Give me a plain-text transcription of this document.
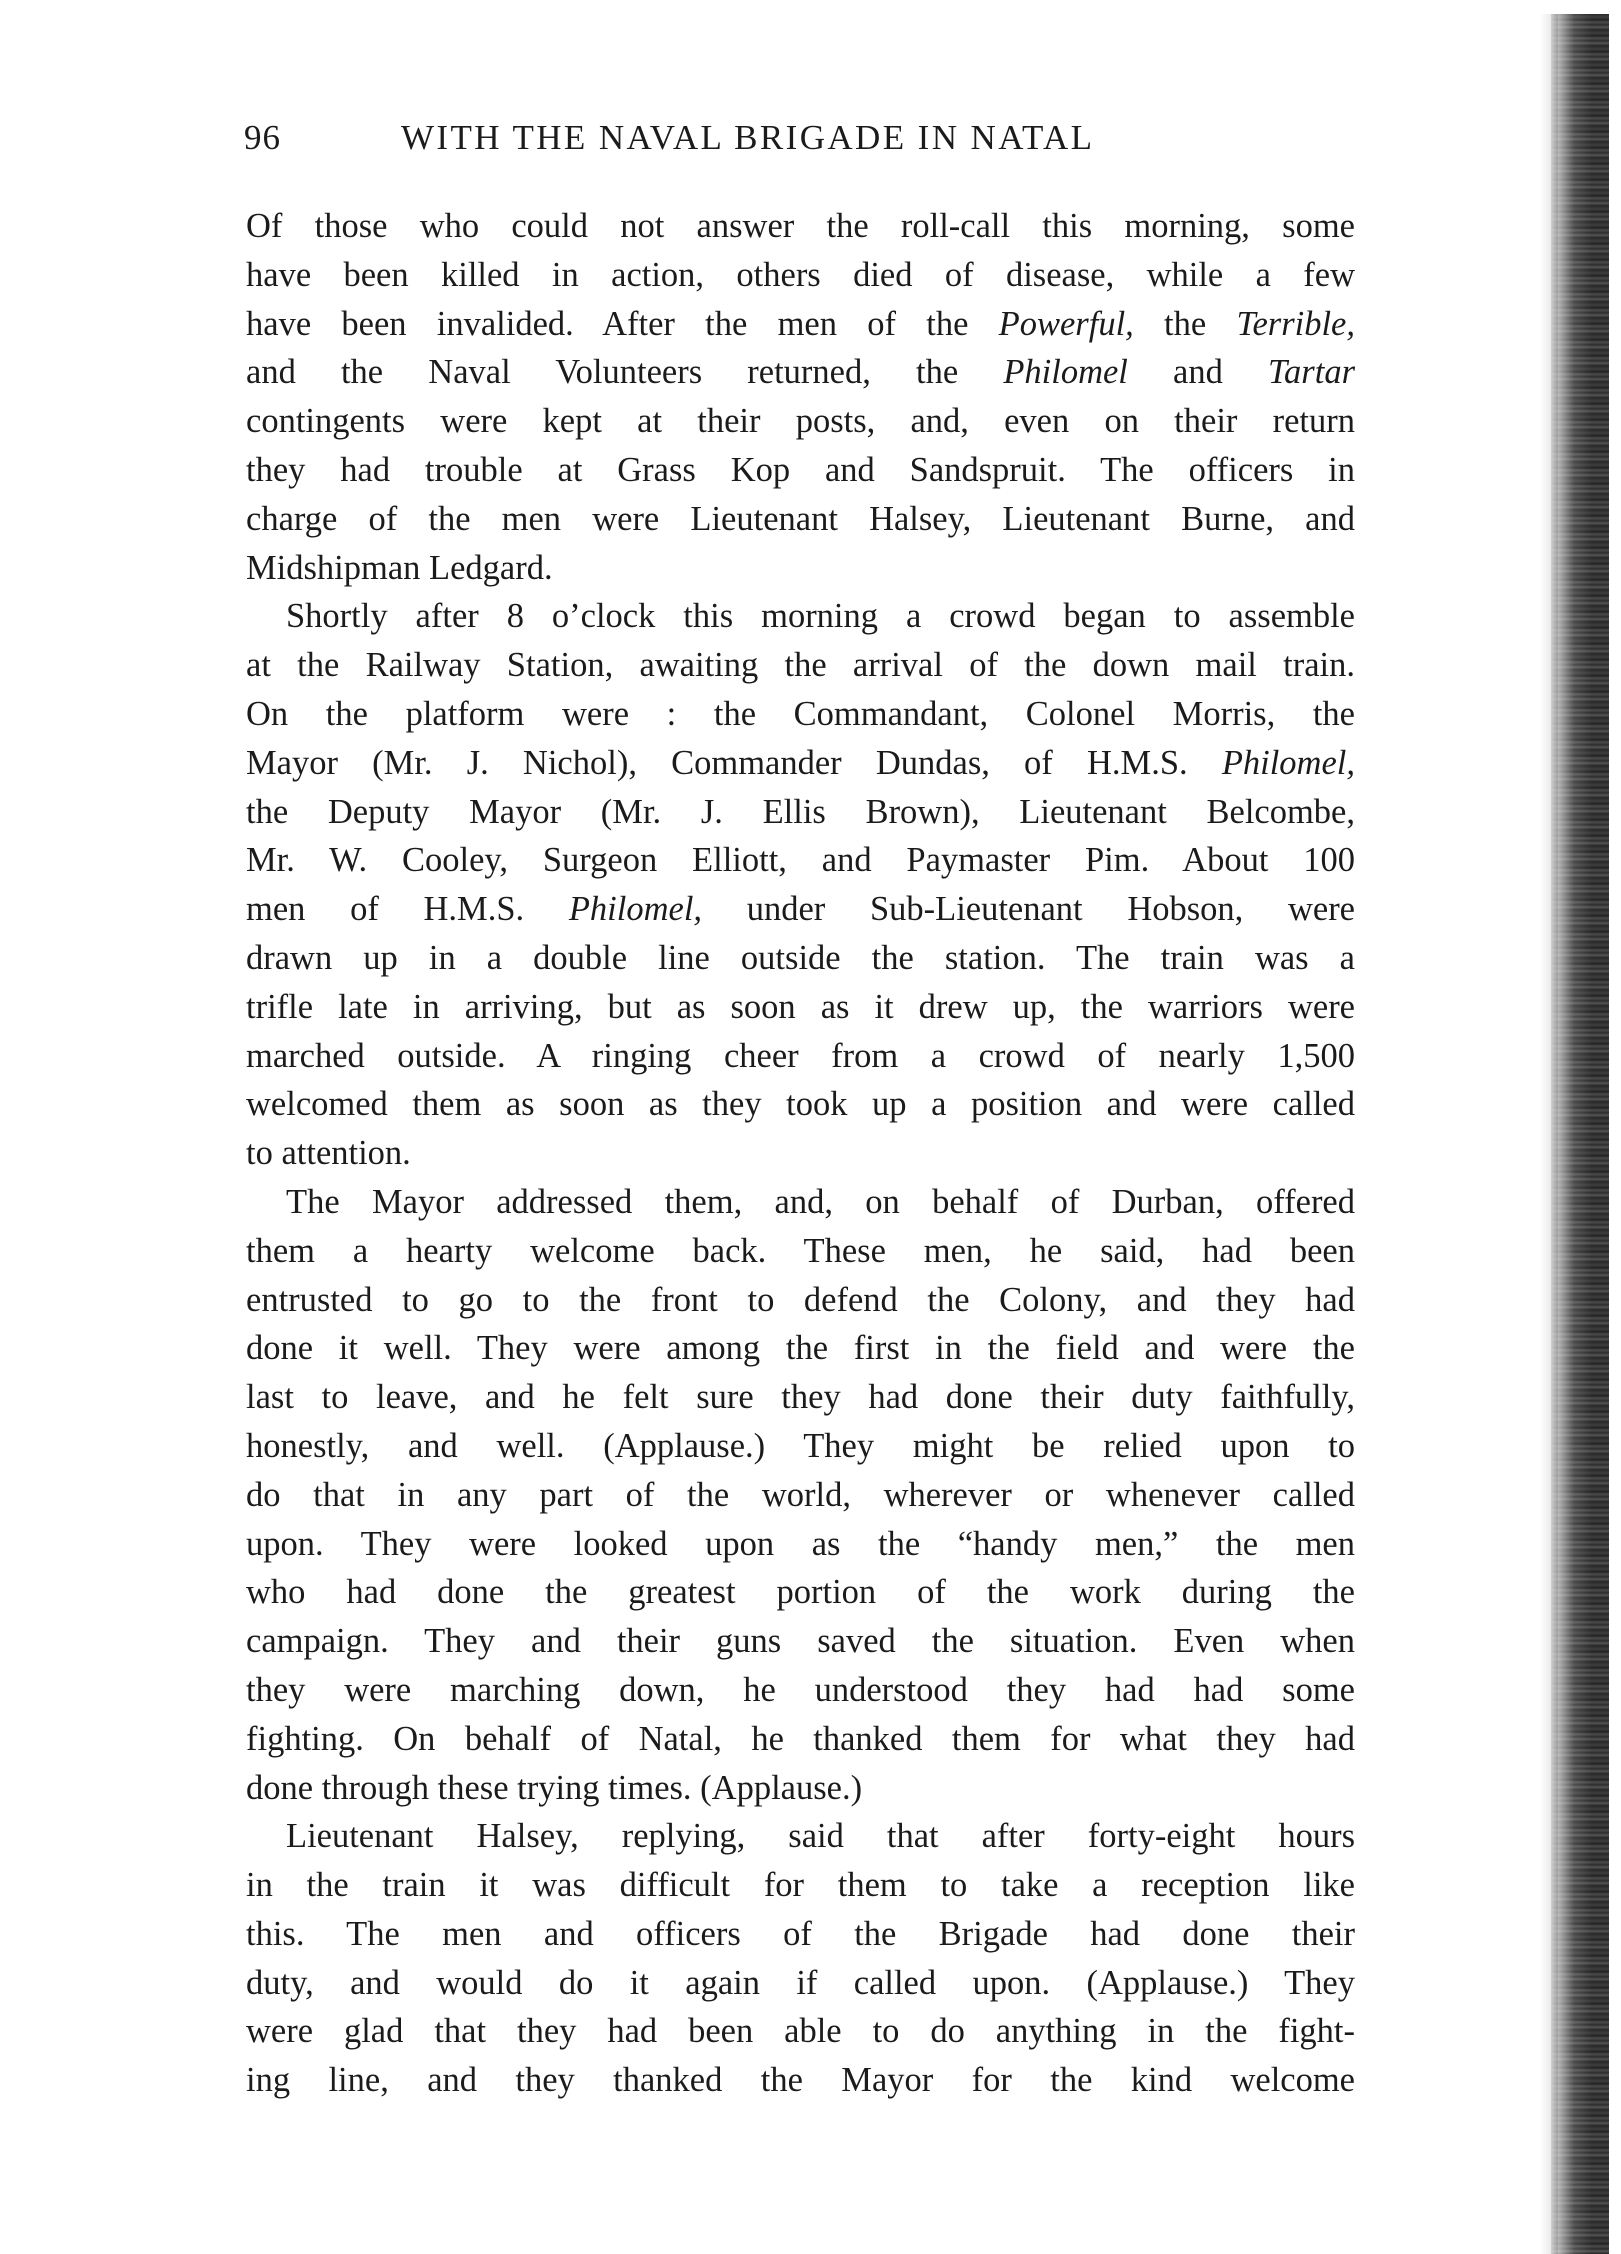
96	WITH THE NAVAL BRIGADE IN NATAL
Of those who could not answer the roll-call this morning, some
have been killed in action, others died of disease, while a few
have been invalided. After the men of the Powerful, the Terrible,
and the Naval Volunteers returned, the Philomel and Tartar
contingents were kept at their posts, and, even on their return
they had trouble at Grass Kop and Sandspruit. The officers in
charge of the men were Lieutenant Halsey, Lieutenant Burne, and
Midshipman Ledgard.
Shortly after 8 o’clock this morning a crowd began to assemble
at the Railway Station, awaiting the arrival of the down mail train.
On the platform were : the Commandant, Colonel Morris, the
Mayor (Mr. J. Nichol), Commander Dundas, of H.M.S. Philomel,
the Deputy Mayor (Mr. J. Ellis Brown), Lieutenant Belcombe,
Mr. W. Cooley, Surgeon Elliott, and Paymaster Pim. About 100
men of H.M.S. Philomel, under Sub-Lieutenant Hobson, were
drawn up in a double line outside the station. The train was a
trifle late in arriving, but as soon as it drew up, the warriors were
marched outside. A ringing cheer from a crowd of nearly 1,500
welcomed them as soon as they took up a position and were called
to attention.
The Mayor addressed them, and, on behalf of Durban, offered
them a hearty welcome back. These men, he said, had been
entrusted to go to the front to defend the Colony, and they had
done it well. They were among the first in the field and were the
last to leave, and he felt sure they had done their duty faithfully,
honestly, and well. (Applause.) They might be relied upon to
do that in any part of the world, wherever or whenever called
upon. They were looked upon as the “handy men,” the men
who had done the greatest portion of the work during the
campaign. They and their guns saved the situation. Even when
they were marching down, he understood they had had some
fighting. On behalf of Natal, he thanked them for what they had
done through these trying times. (Applause.)
Lieutenant Halsey, replying, said that after forty-eight hours
in the train it was difficult for them to take a reception like
this. The men and officers of the Brigade had done their
duty, and would do it again if called upon. (Applause.) They
were glad that they had been able to do anything in the fight-
ing line, and they thanked the Mayor for the kind welcome
